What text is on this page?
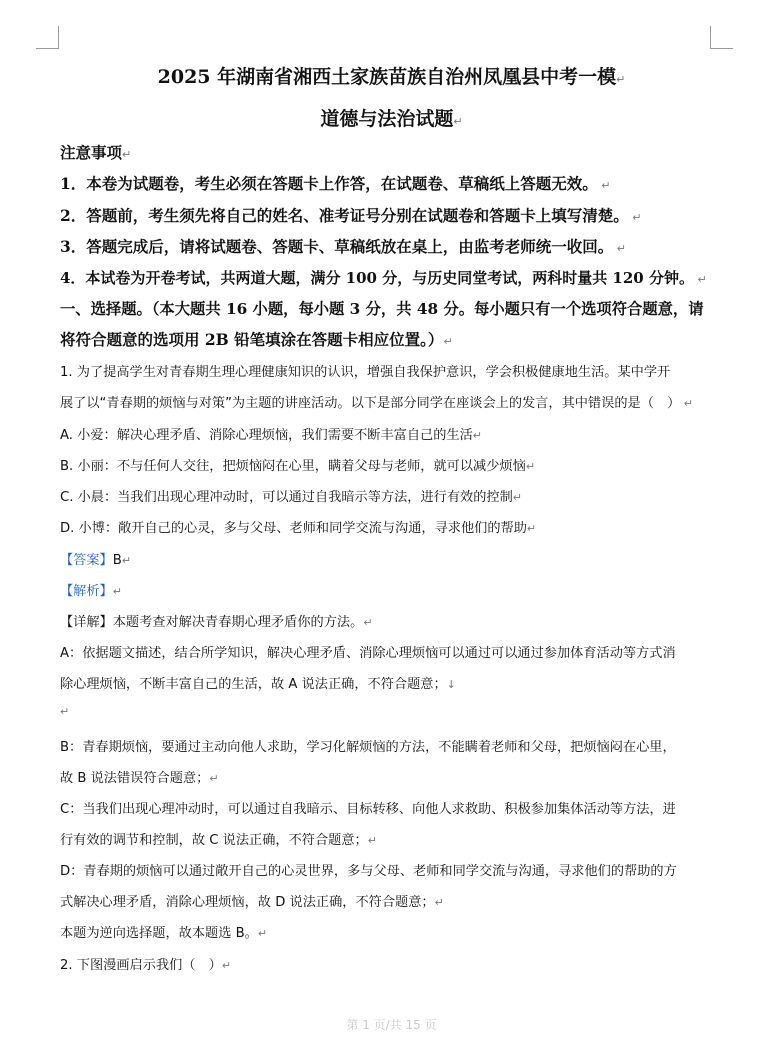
2025 年湖南省湘西土家族苗族自治州凤凰县中考一模↵
道德与法治试题↵
注意事项↵
1．本卷为试题卷，考生必须在答题卡上作答，在试题卷、草稿纸上答题无效。 ↵
2．答题前，考生须先将自己的姓名、准考证号分别在试题卷和答题卡上填写清楚。 ↵
3．答题完成后，请将试题卷、答题卡、草稿纸放在桌上，由监考老师统一收回。 ↵
4．本试卷为开卷考试，共两道大题，满分 100 分，与历史同堂考试，两科时量共 120 分钟。 ↵
一、选择题。（本大题共 16 小题，每小题 3 分，共 48 分。每小题只有一个选项符合题意，请
将符合题意的选项用 2B 铅笔填涂在答题卡相应位置。）↵
1. 为了提高学生对青春期生理心理健康知识的认识，增强自我保护意识，学会积极健康地生活。某中学开
展了以“青春期的烦恼与对策”为主题的讲座活动。以下是部分同学在座谈会上的发言，其中错误的是（　） ↵
A. 小爱：解决心理矛盾、消除心理烦恼，我们需要不断丰富自己的生活↵
B. 小丽：不与任何人交往，把烦恼闷在心里，瞒着父母与老师，就可以减少烦恼↵
C. 小晨：当我们出现心理冲动时，可以通过自我暗示等方法，进行有效的控制↵
D. 小博：敞开自己的心灵，多与父母、老师和同学交流与沟通，寻求他们的帮助↵
【答案】B↵
【解析】↵
【详解】本题考查对解决青春期心理矛盾你的方法。↵
A：依据题文描述，结合所学知识，解决心理矛盾、消除心理烦恼可以通过可以通过参加体育活动等方式消
除心理烦恼，不断丰富自己的生活，故 A 说法正确，不符合题意；↓
↵
B：青春期烦恼，要通过主动向他人求助，学习化解烦恼的方法，不能瞒着老师和父母，把烦恼闷在心里，
故 B 说法错误符合题意；↵
C：当我们出现心理冲动时，可以通过自我暗示、目标转移、向他人求救助、积极参加集体活动等方法，进
行有效的调节和控制，故 C 说法正确，不符合题意；↵
D：青春期的烦恼可以通过敞开自己的心灵世界，多与父母、老师和同学交流与沟通，寻求他们的帮助的方
式解决心理矛盾，消除心理烦恼，故 D 说法正确，不符合题意；↵
本题为逆向选择题，故本题选 B。↵
2. 下图漫画启示我们（　）↵
第 1 页/共 15 页
